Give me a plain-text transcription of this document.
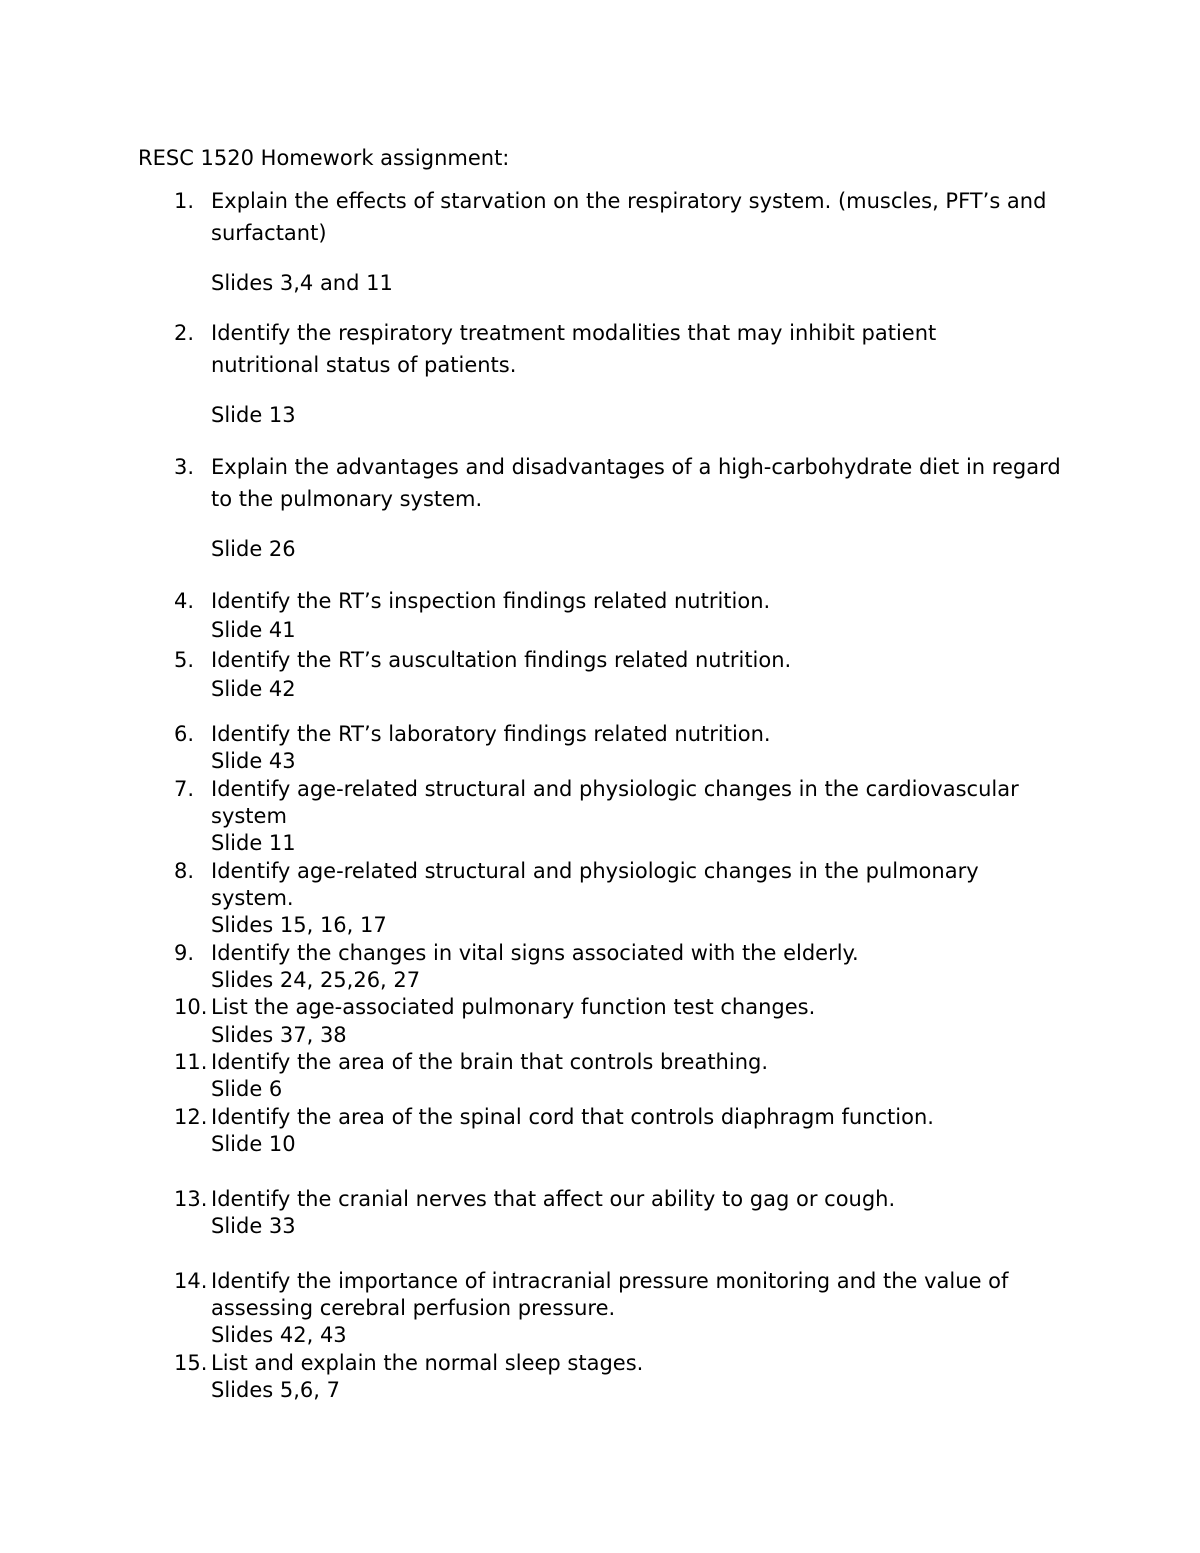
RESC 1520 Homework assignment:
1. Explain the effects of starvation on the respiratory system. (muscles, PFT’s and
surfactant)
Slides 3,4 and 11
2. Identify the respiratory treatment modalities that may inhibit patient
nutritional status of patients.
Slide 13
3. Explain the advantages and disadvantages of a high-carbohydrate diet in regard
to the pulmonary system.
Slide 26
4. Identify the RT’s inspection findings related nutrition.
Slide 41
5. Identify the RT’s auscultation findings related nutrition.
Slide 42
6. Identify the RT’s laboratory findings related nutrition.
Slide 43
7. Identify age-related structural and physiologic changes in the cardiovascular
system
Slide 11
8. Identify age-related structural and physiologic changes in the pulmonary
system.
Slides 15, 16, 17
9. Identify the changes in vital signs associated with the elderly.
Slides 24, 25,26, 27
10. List the age-associated pulmonary function test changes.
Slides 37, 38
11. Identify the area of the brain that controls breathing.
Slide 6
12. Identify the area of the spinal cord that controls diaphragm function.
Slide 10
13. Identify the cranial nerves that affect our ability to gag or cough.
Slide 33
14. Identify the importance of intracranial pressure monitoring and the value of
assessing cerebral perfusion pressure.
Slides 42, 43
15. List and explain the normal sleep stages.
Slides 5,6, 7
